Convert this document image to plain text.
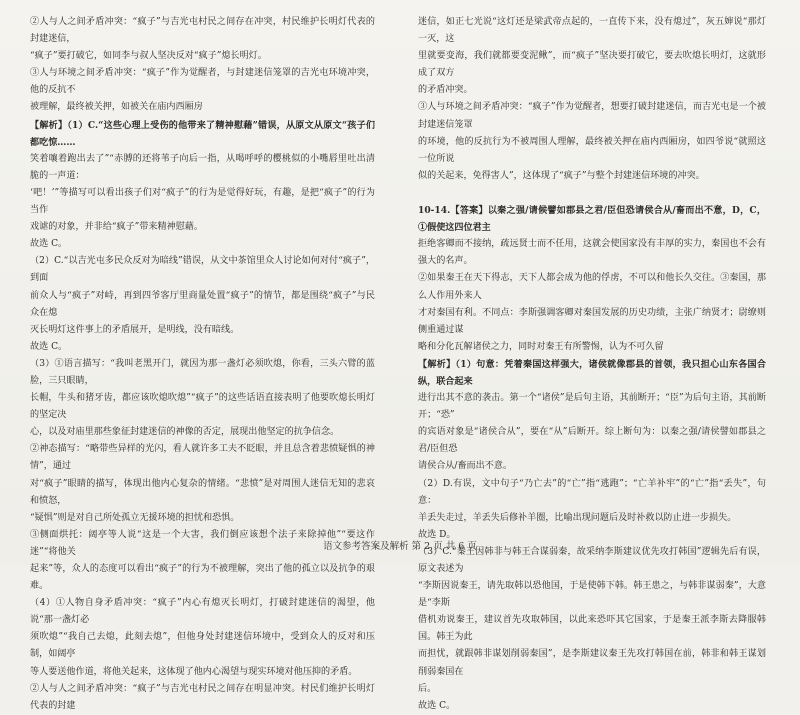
②人与人之间矛盾冲突：“疯子”与吉光屯村民之间存在冲突，村民维护长明灯代表的封建迷信，

“疯子”要打破它，如同李与叔人坚决反对“疯子”熄长明灯。

③人与环境之间矛盾冲突：“疯子”作为觉醒者，与封建迷信笼罩的吉光屯环境冲突，他的反抗不

被理解，最终被关押，如被关在庙内西厢房

【解析】（1）C.“这些心理上受伤的他带来了精神慰藉”错误，从原文从原文“孩子们都吃惊……

笑着嚷着跑出去了”“赤膊的还将苇子向后一指，从喝呼呼的樱桃似的小嘴唇里吐出清脆的一声道：

‘吧！’”等描写可以看出孩子们对“疯子”的行为是觉得好玩，有趣，是把“疯子”的行为当作

戏谑的对象，并非给“疯子”带来精神慰藉。

故选 C。

（2）C.“以吉光屯多民众反对为暗线”错误，从文中茶馆里众人讨论如何对付“疯子”，到面

前众人与“疯子”对峙，再到四爷客厅里商量处置“疯子”的情节，都是围绕“疯子”与民众在熄

灭长明灯这件事上的矛盾展开，是明线，没有暗线。

故选 C。

（3）①语言描写：“我叫老黑开门，就因为那一盏灯必须吹熄，你看，三头六臂的蓝脸，三只眼睛，

长帽，牛头和猪牙齿，都应该吹熄吹熄”“疯子”的这些话语直接表明了他要吹熄长明灯的坚定决

心，以及对庙里那些象征封建迷信的神像的否定，展现出他坚定的抗争信念。

②神态描写：“略带些异样的光闪，看人就许多工夫不眨眼，并且总含着悲愤疑惧的神情”，通过

对“疯子”眼睛的描写，体现出他内心复杂的情绪。“悲愤”是对周围人迷信无知的悲哀和愤怒，

“疑惧”则是对自己所处孤立无援环境的担忧和恐惧。

③侧面烘托：阔亭等人说“这是一个大害，我们倒应该想个法子来除掉他”“要这作迷”“将他关

起来”等，众人的态度可以看出“疯子”的行为不被理解，突出了他的孤立以及抗争的艰难。

（4）①人物自身矛盾冲突：“疯子”内心有熄灭长明灯，打破封建迷信的渴望，他说“那一盏灯必

须吹熄”“我自己去熄，此刻去熄”，但他身处封建迷信环境中，受到众人的反对和压制，如阔亭

等人要送他作道，将他关起来，这体现了他内心渴望与现实环境对他压抑的矛盾。

②人与人之间矛盾冲突：“疯子”与吉光屯村民之间存在明显冲突。村民们维护长明灯代表的封建

迷信，如正七光说“这灯还是梁武帝点起的，一直传下来，没有熄过”，灰五婶说“那灯一灭，这

里就要变海，我们就都要变泥鳅”，而“疯子”坚决要打破它，要去吹熄长明灯，这就形成了双方

的矛盾冲突。

③人与环境之间矛盾冲突：“疯子”作为觉醒者，想要打破封建迷信，而吉光屯是一个被封建迷信笼罩

的环境，他的反抗行为不被周围人理解，最终被关押在庙内西厢房，如四爷说“就照这一位所说

似的关起来，免得害人”，这体现了“疯子”与整个封建迷信环境的冲突。

10-14.【答案】以秦之强/请候譬如郡县之君/臣但恐请侯合从/畜而出不意，D，C，①假使这四位君主

拒绝客卿而不接纳，疏远贤士而不任用，这就会使国家没有丰厚的实力，秦国也不会有强大的名声。

②如果秦王在天下得志，天下人都会成为他的俘虏，不可以和他长久交往。③秦国，那么人作用外来人

才对秦国有利。不同点：李斯强调客卿对秦国发展的历史功绩，主张广纳贤才；尉缭则侧重通过谋

略和分化瓦解诸侯之力，同时对秦王有所警惕，认为不可久留

【解析】（1）句意：凭着秦国这样强大，诸侯就像郡县的首领，我只担心山东各国合纵，联合起来

进行出其不意的袭击。第一个“诸侯”是后句主语，其前断开；“臣”为后句主语，其前断开；“恐”

的宾语对象是“诸侯合从”，要在“从”后断开。综上断句为：以秦之强/请侯譬如郡县之君/臣但恐

请侯合从/畜而出不意。

（2）D.有误，文中句子“乃亡去”的“亡”指“逃跑”；“亡羊补牢”的“亡”指“丢失”，句意：

羊丢失走过，羊丢失后修补羊圈，比喻出现问题后及时补救以防止进一步损失。

故选 D。

（3）C.“秦王因韩非与韩王合谋弱秦，故采纳李斯建议优先攻打韩国”逻辑先后有误，原文表述为

“李斯因说秦王，请先取韩以恐他国，于是使韩下韩。韩王患之，与韩非谋弱秦”，大意是“李斯

借机劝说秦王，建议首先攻取韩国，以此来恐吓其它国家，于是秦王派李斯去降服韩国。韩王为此

而担忧，就跟韩非谋划削弱秦国”，是李斯建议秦王先攻打韩国在前，韩非和韩王谋划削弱秦国在

后。

故选 C。

语文参考答案及解析 第 2 页 共 6 页
